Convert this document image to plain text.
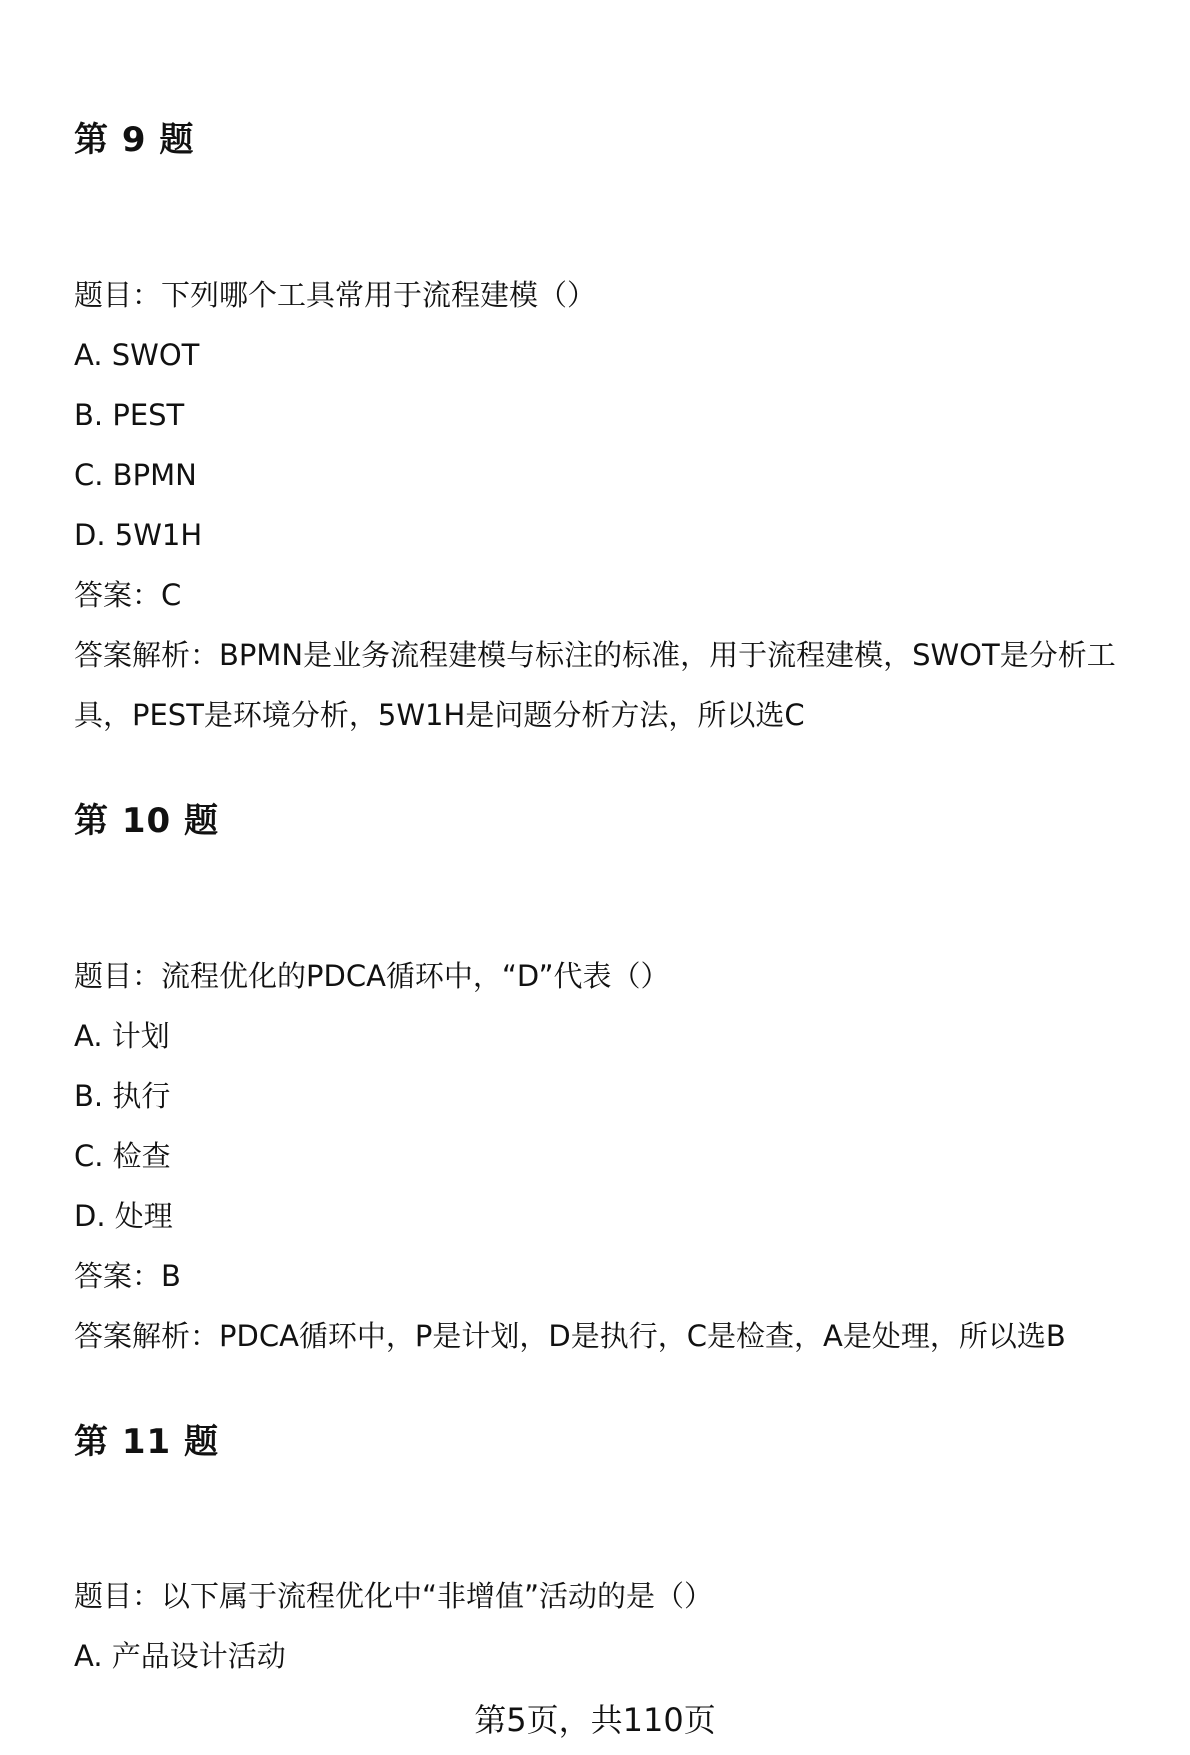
第 9 题

题目：下列哪个工具常用于流程建模（）

A. SWOT

B. PEST

C. BPMN

D. 5W1H

答案：C

答案解析：BPMN是业务流程建模与标注的标准，用于流程建模，SWOT是分析工具，PEST是环境分析，5W1H是问题分析方法，所以选C

第 10 题

题目：流程优化的PDCA循环中，“D”代表（）

A. 计划

B. 执行

C. 检查

D. 处理

答案：B

答案解析：PDCA循环中，P是计划，D是执行，C是检查，A是处理，所以选B

第 11 题

题目：以下属于流程优化中“非增值”活动的是（）

A. 产品设计活动

第5页，共110页
